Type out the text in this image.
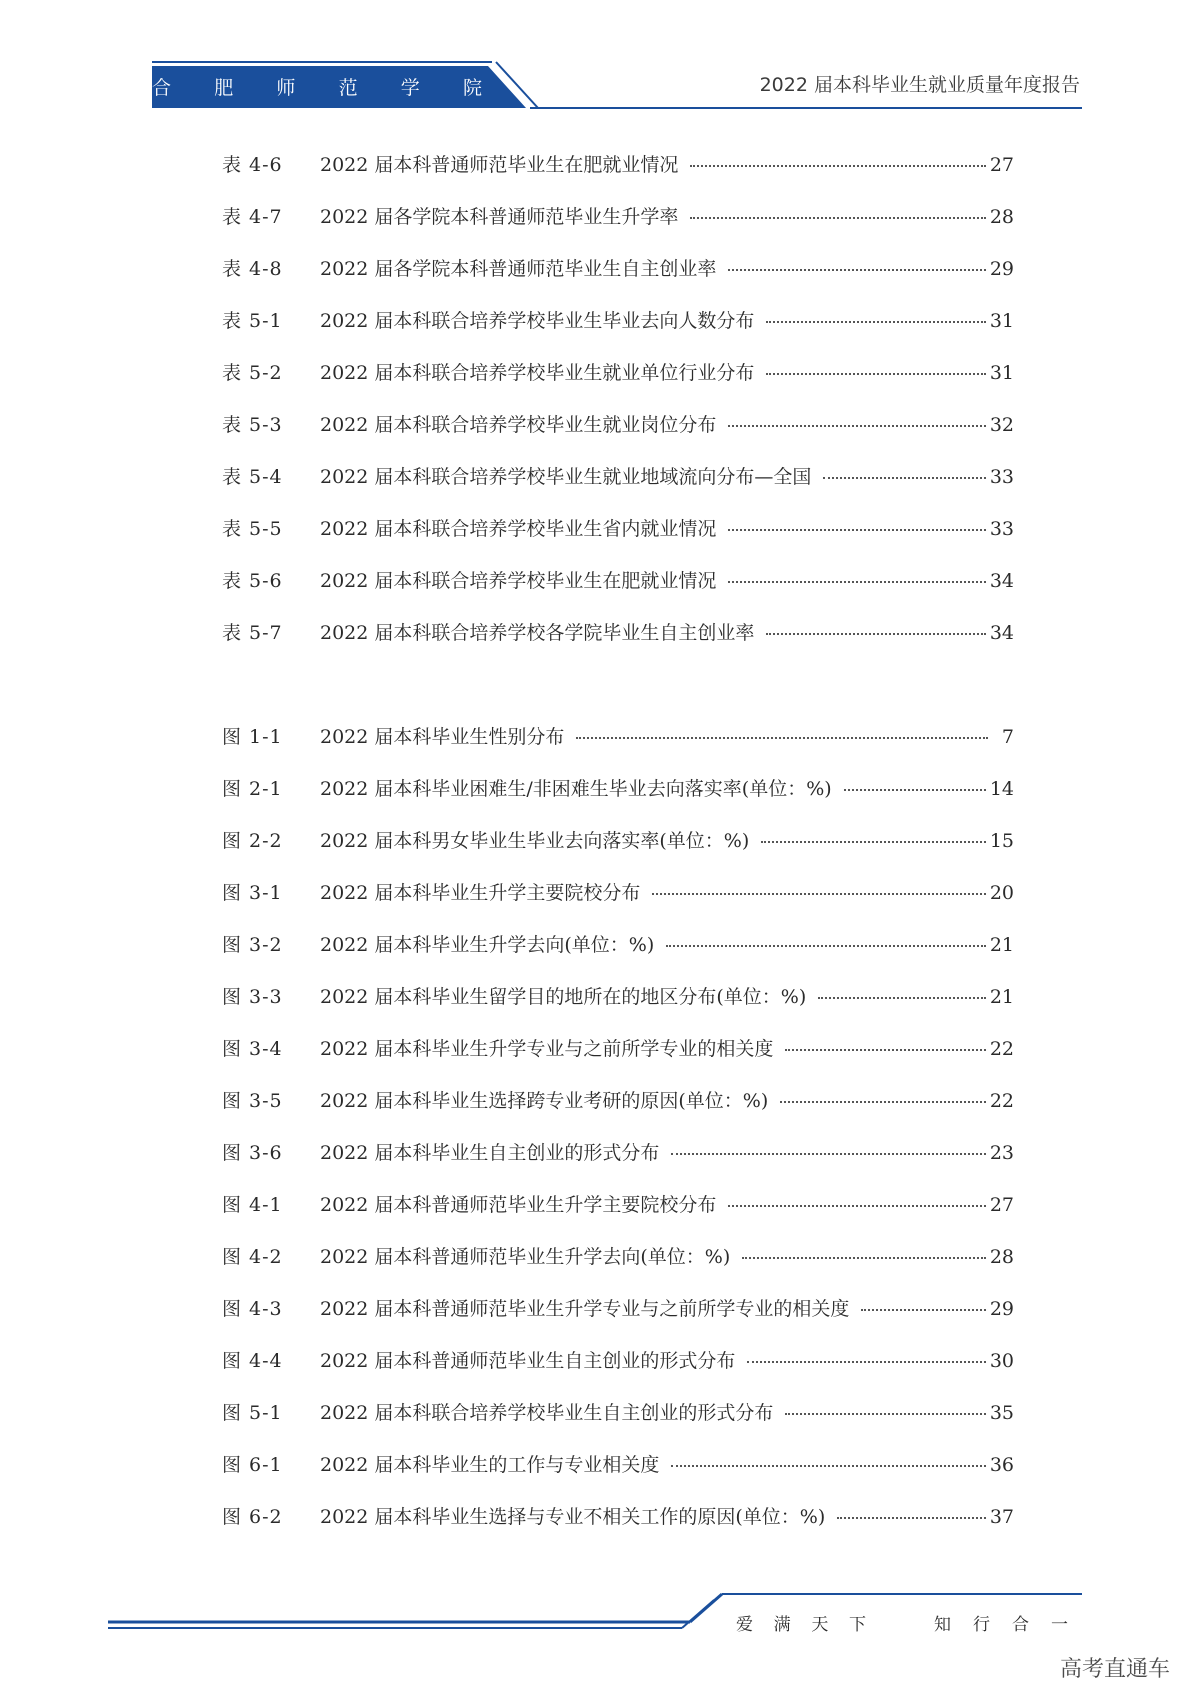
合 肥 师 范 学 院	2022 届本科毕业生就业质量年度报告
表 4-6	2022 届本科普通师范毕业生在肥就业情况	27
表 4-7	2022 届各学院本科普通师范毕业生升学率	28
表 4-8	2022 届各学院本科普通师范毕业生自主创业率	29
表 5-1	2022 届本科联合培养学校毕业生毕业去向人数分布	31
表 5-2	2022 届本科联合培养学校毕业生就业单位行业分布	31
表 5-3	2022 届本科联合培养学校毕业生就业岗位分布	32
表 5-4	2022 届本科联合培养学校毕业生就业地域流向分布—全国	33
表 5-5	2022 届本科联合培养学校毕业生省内就业情况	33
表 5-6	2022 届本科联合培养学校毕业生在肥就业情况	34
表 5-7	2022 届本科联合培养学校各学院毕业生自主创业率	34
图 1-1	2022 届本科毕业生性别分布	7
图 2-1	2022 届本科毕业困难生/非困难生毕业去向落实率(单位：%)	14
图 2-2	2022 届本科男女毕业生毕业去向落实率(单位：%)	15
图 3-1	2022 届本科毕业生升学主要院校分布	20
图 3-2	2022 届本科毕业生升学去向(单位：%)	21
图 3-3	2022 届本科毕业生留学目的地所在的地区分布(单位：%)	21
图 3-4	2022 届本科毕业生升学专业与之前所学专业的相关度	22
图 3-5	2022 届本科毕业生选择跨专业考研的原因(单位：%)	22
图 3-6	2022 届本科毕业生自主创业的形式分布	23
图 4-1	2022 届本科普通师范毕业生升学主要院校分布	27
图 4-2	2022 届本科普通师范毕业生升学去向(单位：%)	28
图 4-3	2022 届本科普通师范毕业生升学专业与之前所学专业的相关度	29
图 4-4	2022 届本科普通师范毕业生自主创业的形式分布	30
图 5-1	2022 届本科联合培养学校毕业生自主创业的形式分布	35
图 6-1	2022 届本科毕业生的工作与专业相关度	36
图 6-2	2022 届本科毕业生选择与专业不相关工作的原因(单位：%)	37
爱 满 天 下	知 行 合 一
高考直通车
